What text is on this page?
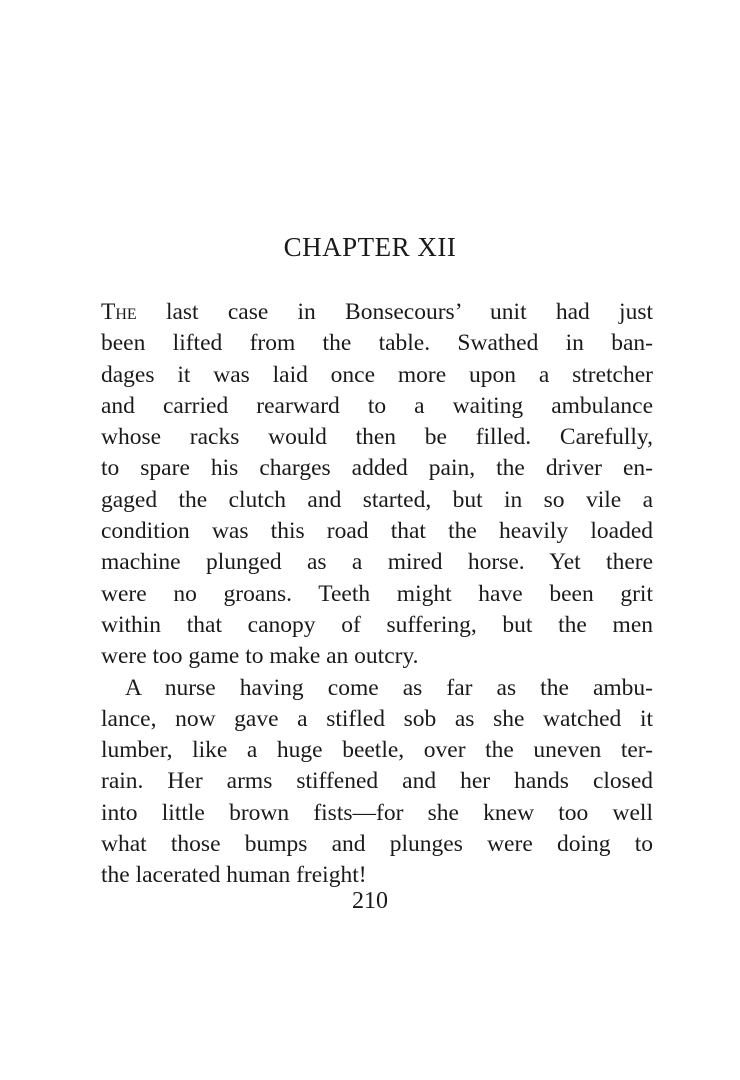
CHAPTER XII
The last case in Bonsecours’ unit had just
been lifted from the table. Swathed in ban-
dages it was laid once more upon a stretcher
and carried rearward to a waiting ambulance
whose racks would then be filled. Carefully,
to spare his charges added pain, the driver en-
gaged the clutch and started, but in so vile a
condition was this road that the heavily loaded
machine plunged as a mired horse. Yet there
were no groans. Teeth might have been grit
within that canopy of suffering, but the men
were too game to make an outcry.
A nurse having come as far as the ambu-
lance, now gave a stifled sob as she watched it
lumber, like a huge beetle, over the uneven ter-
rain. Her arms stiffened and her hands closed
into little brown fists—for she knew too well
what those bumps and plunges were doing to
the lacerated human freight!
210
